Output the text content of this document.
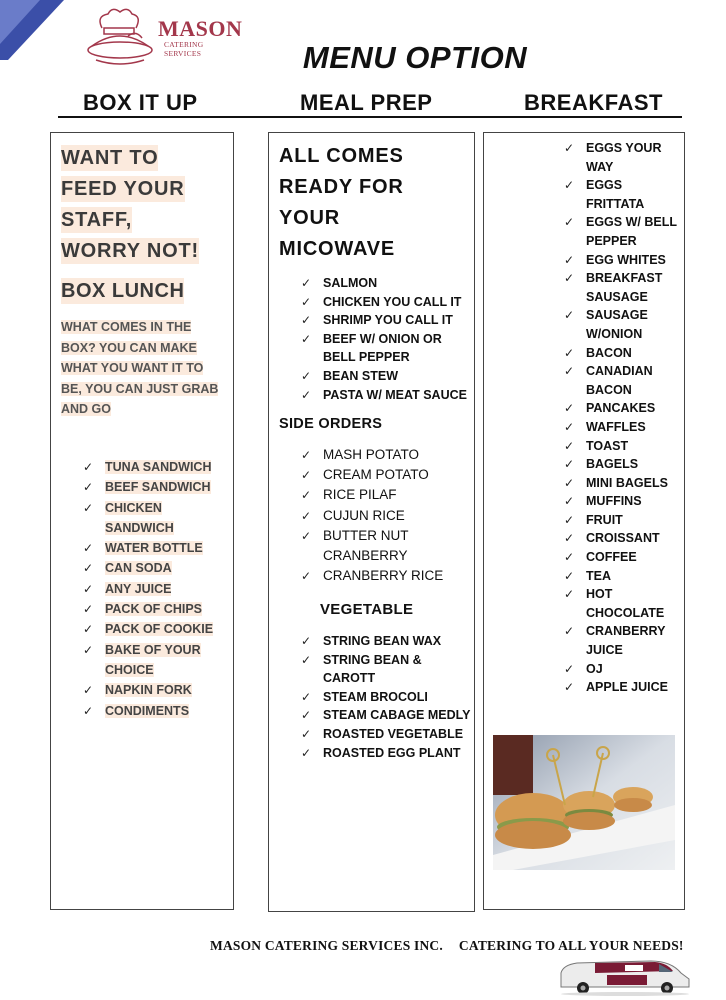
MASON
CATERING SERVICES	MENU OPTION
BOX IT UP	MEAL PREP	BREAKFAST
WANT TO
FEED YOUR
STAFF,
WORRY NOT!
BOX LUNCH
WHAT COMES IN THE BOX? YOU CAN MAKE WHAT YOU WANT IT TO BE, YOU CAN JUST GRAB AND GO
✓ TUNA SANDWICH
✓ BEEF SANDWICH
✓ CHICKEN SANDWICH
✓ WATER BOTTLE
✓ CAN SODA
✓ ANY JUICE
✓ PACK OF CHIPS
✓ PACK OF COOKIE
✓ BAKE OF YOUR CHOICE
✓ NAPKIN FORK
✓ CONDIMENTS
ALL COMES
READY FOR
YOUR
MICOWAVE
✓ SALMON
✓ CHICKEN YOU CALL IT
✓ SHRIMP YOU CALL IT
✓ BEEF W/ ONION OR BELL PEPPER
✓ BEAN STEW
✓ PASTA W/ MEAT SAUCE
SIDE ORDERS
✓ MASH POTATO
✓ CREAM POTATO
✓ RICE PILAF
✓ CUJUN RICE
✓ BUTTER NUT CRANBERRY
✓ CRANBERRY RICE
VEGETABLE
✓ STRING BEAN WAX
✓ STRING BEAN & CAROTT
✓ STEAM BROCOLI
✓ STEAM CABAGE MEDLY
✓ ROASTED VEGETABLE
✓ ROASTED EGG PLANT
✓ EGGS YOUR WAY
✓ EGGS FRITTATA
✓ EGGS W/ BELL PEPPER
✓ EGG WHITES
✓ BREAKFAST SAUSAGE
✓ SAUSAGE W/ONION
✓ BACON
✓ CANADIAN BACON
✓ PANCAKES
✓ WAFFLES
✓ TOAST
✓ BAGELS
✓ MINI BAGELS
✓ MUFFINS
✓ FRUIT
✓ CROISSANT
✓ COFFEE
✓ TEA
✓ HOT CHOCOLATE
✓ CRANBERRY JUICE
✓ OJ
✓ APPLE JUICE
MASON CATERING SERVICES INC. CATERING TO ALL YOUR NEEDS!
